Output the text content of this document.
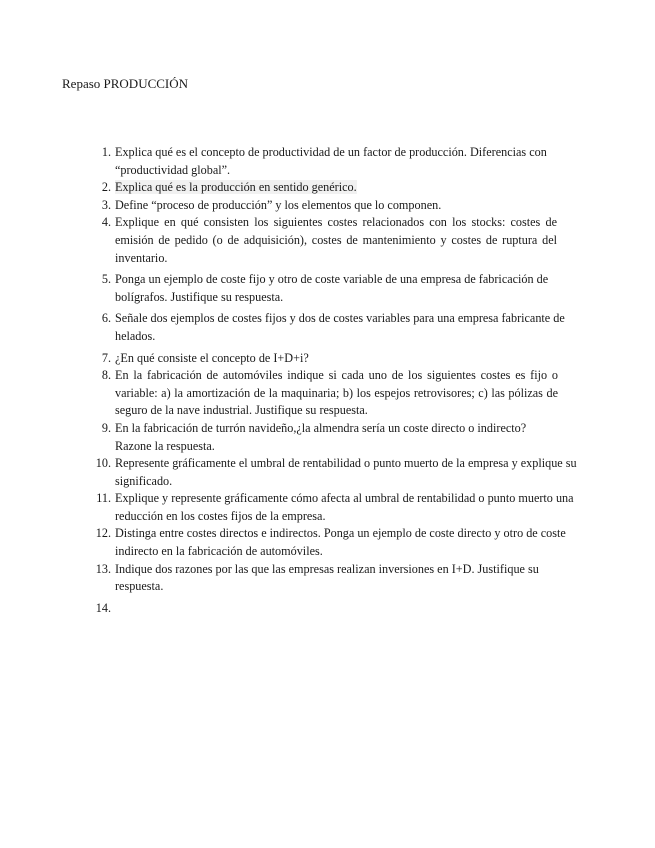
Repaso PRODUCCIÓN
1. Explica qué es el concepto de productividad de un factor de producción. Diferencias con “productividad global”.
2. Explica qué es la producción en sentido genérico.
3. Define “proceso de producción” y los elementos que lo componen.
4. Explique en qué consisten los siguientes costes relacionados con los stocks: costes de emisión de pedido (o de adquisición), costes de mantenimiento y costes de ruptura del inventario.
5. Ponga un ejemplo de coste fijo y otro de coste variable de una empresa de fabricación de bolígrafos. Justifique su respuesta.
6. Señale dos ejemplos de costes fijos y dos de costes variables para una empresa fabricante de helados.
7. ¿En qué consiste el concepto de I+D+i?
8. En la fabricación de automóviles indique si cada uno de los siguientes costes es fijo o variable: a) la amortización de la maquinaria; b) los espejos retrovisores; c) las pólizas de seguro de la nave industrial. Justifique su respuesta.
9. En la fabricación de turrón navideño,¿la almendra sería un coste directo o indirecto? Razone la respuesta.
10. Represente gráficamente el umbral de rentabilidad o punto muerto de la empresa y explique su significado.
11. Explique y represente gráficamente cómo afecta al umbral de rentabilidad o punto muerto una reducción en los costes fijos de la empresa.
12. Distinga entre costes directos e indirectos. Ponga un ejemplo de coste directo y otro de coste indirecto en la fabricación de automóviles.
13. Indique dos razones por las que las empresas realizan inversiones en I+D. Justifique su respuesta.
14.
